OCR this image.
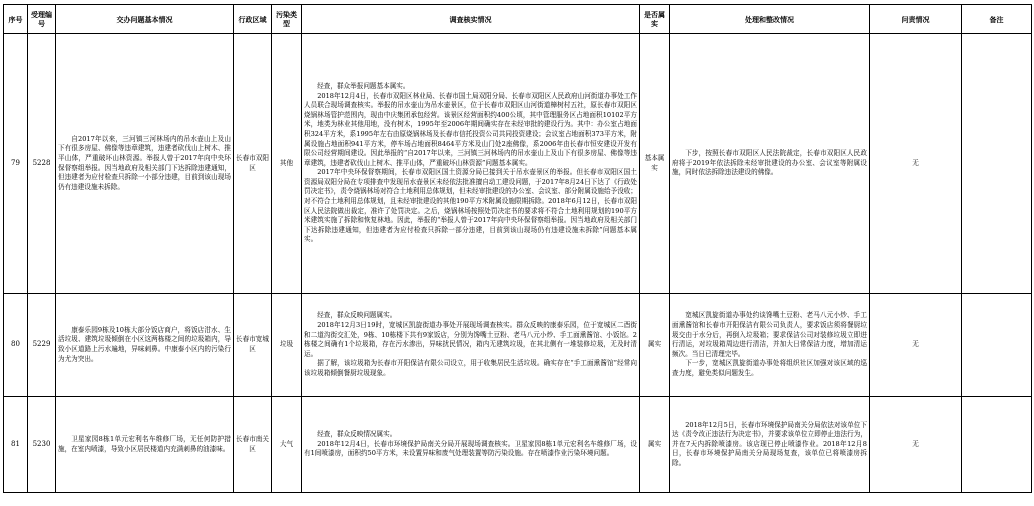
序号	受理编号	交办问题基本情况	行政区域	污染类型	调查核实情况	是否属实	处理和整改情况	问责情况	备注
79	5228	自2017年以来，三河镇三河林场内的吊水壶山上及山下有很多房屋、佛像等违章建筑，违建者砍伐山上树木、推平山体，严重破坏山林资源。举报人曾于2017年向中央环保督察组举报。因当地政府及相关部门下达拆除违建通知，但违建者为应付检查只拆除一小部分违建，目前到该山现场仍有违建设施未拆除。	长春市双阳区	其他	经查，群众举报问题基本属实。
2018年12月4日，长春市双阳区林业局、长春市国土局双阳分局、长春市双阳区人民政府山河街道办事处工作人员联合现场调查核实。举报的吊水壶山为吊水壶景区，位于长春市双阳区山河街道樟树村五社，原长春市双阳区烧锅林场管护范围内，现由中庆集团承包经营。该景区经营面积约400公顷，其中管理服务区占地面积10102平方米，地类为林业其他用地，没有树木，1995年至2006年期间确实存在未经审批的建设行为。其中：办公室占地面积324平方米，系1995年左右由原烧锅林场及长春市信托投资公司共同投资建设；会议室占地面积373平方米，附属设施占地面积941平方米，停车场占地面积8464平方米及山门处2座佛像，系2006年由长春市恒安建设开发有限公司经营期间建设。因此举报的“自2017年以来，三河镇三河林场内的吊水壶山上及山下有很多房屋、佛像等违章建筑，违建者砍伐山上树木、推平山体，严重破坏山林资源”问题基本属实。
2017年中央环保督察期间，长春市双阳区国土资源分局已接到关于吊水壶景区的举报。但长春市双阳区国土资源局双阳分局在专项排查中发现吊水壶景区未经依法批准擅自动工建设问题，于2017年8月24日下达了《行政处罚决定书》，责令烧锅林场对符合土地利用总体规划，但未经审批建设的办公室、会议室、部分附属设施给予没收；对不符合土地利用总体规划，且未经审批建设的其他190平方米附属设施限期拆除。2018年6月12日，长春市双阳区人民法院做出裁定，准许了处罚决定。之后，烧锅林场按照处罚决定书的要求将不符合土地利用规划的190平方米建筑实施了拆除和恢复林地。因此，举报的“举报人曾于2017年向中央环保督察组举报。因当地政府及相关部门下达拆除违建通知，但违建者为应付检查只拆除一部分违建，目前到该山现场仍有违建设施未拆除”问题基本属实。	基本属实	下步，按照长春市双阳区人民法院裁定，长春市双阳区人民政府将于2019年依法拆除未经审批建设的办公室、会议室等附属设施，同时依法拆除违法建设的佛像。	无	
80	5229	康泰乐园9栋及10栋大部分饭店商户，将饭店泔水、生活垃圾、建筑垃圾倾倒在小区这两栋楼之间的垃圾箱内，导致小区道路上污水遍地，异味刺鼻。中康泰小区内的污染行为尤为突出。	长春市宽城区	垃圾	经查，群众反映问题属实。
2018年12月3日19时，宽城区凯旋街道办事处开展现场调查核实。群众反映的康泰乐园，位于宽城区二酉街和二道沟街交汇处，9栋、10栋楼下共有9家饭店，分别为馋嘴土豆粉、老马八元小炒、手工面熏酱馆、小饭馆。2栋楼之间确有1个垃圾箱，存在污水渗出，异味扰民情况，箱内无建筑垃圾，在其北侧有一堆装修垃圾，无及时清运。
据了解，该垃圾箱为长春市开阳保洁有限公司设立，用于收集居民生活垃圾。确实存在“手工面熏酱馆”经常向该垃圾箱倾倒餐厨垃圾现象。	属实	宽城区凯旋街道办事处约谈馋嘴土豆粉、老马八元小炒、手工面熏酱馆和长春市开阳保洁有限公司负责人，要求饭店须将餐厨垃圾交由于水分后，再倒入垃圾箱；要求保洁公司对装修垃圾立即进行清运，对垃圾箱周边进行清洁，并加大日常保洁力度，增加清运频次。当日已清理完毕。
下一步，宽城区凯旋街道办事处将组织社区加强对该区域的巡查力度，避免类似问题发生。	无	
81	5230	卫星家园8栋1单元宏利名车维修厂场，无任何防护措施，在室内喷漆，导致小区居民楼道内充满刺鼻的油漆味。	长春市南关区	大气	经查，群众反映情况属实。
2018年12月4日，长春市环境保护局南关分局开展现场调查核实。卫星家园8栋1单元宏利名车维修厂场，设有1间喷漆房，面积约50平方米，未设置异味和废气处理装置等防污染设施。存在喷漆作业污染环境问题。	属实	2018年12月5日，长春市环境保护局南关分局依法对该单位下达《责令改正违法行为决定书》，并要求该单位立即停止违法行为，并在7天内拆除喷漆房。该店现已停止喷漆作业。2018年12月8日，长春市环境保护局南关分局现场复查，该单位已将喷漆房拆除。	无	
